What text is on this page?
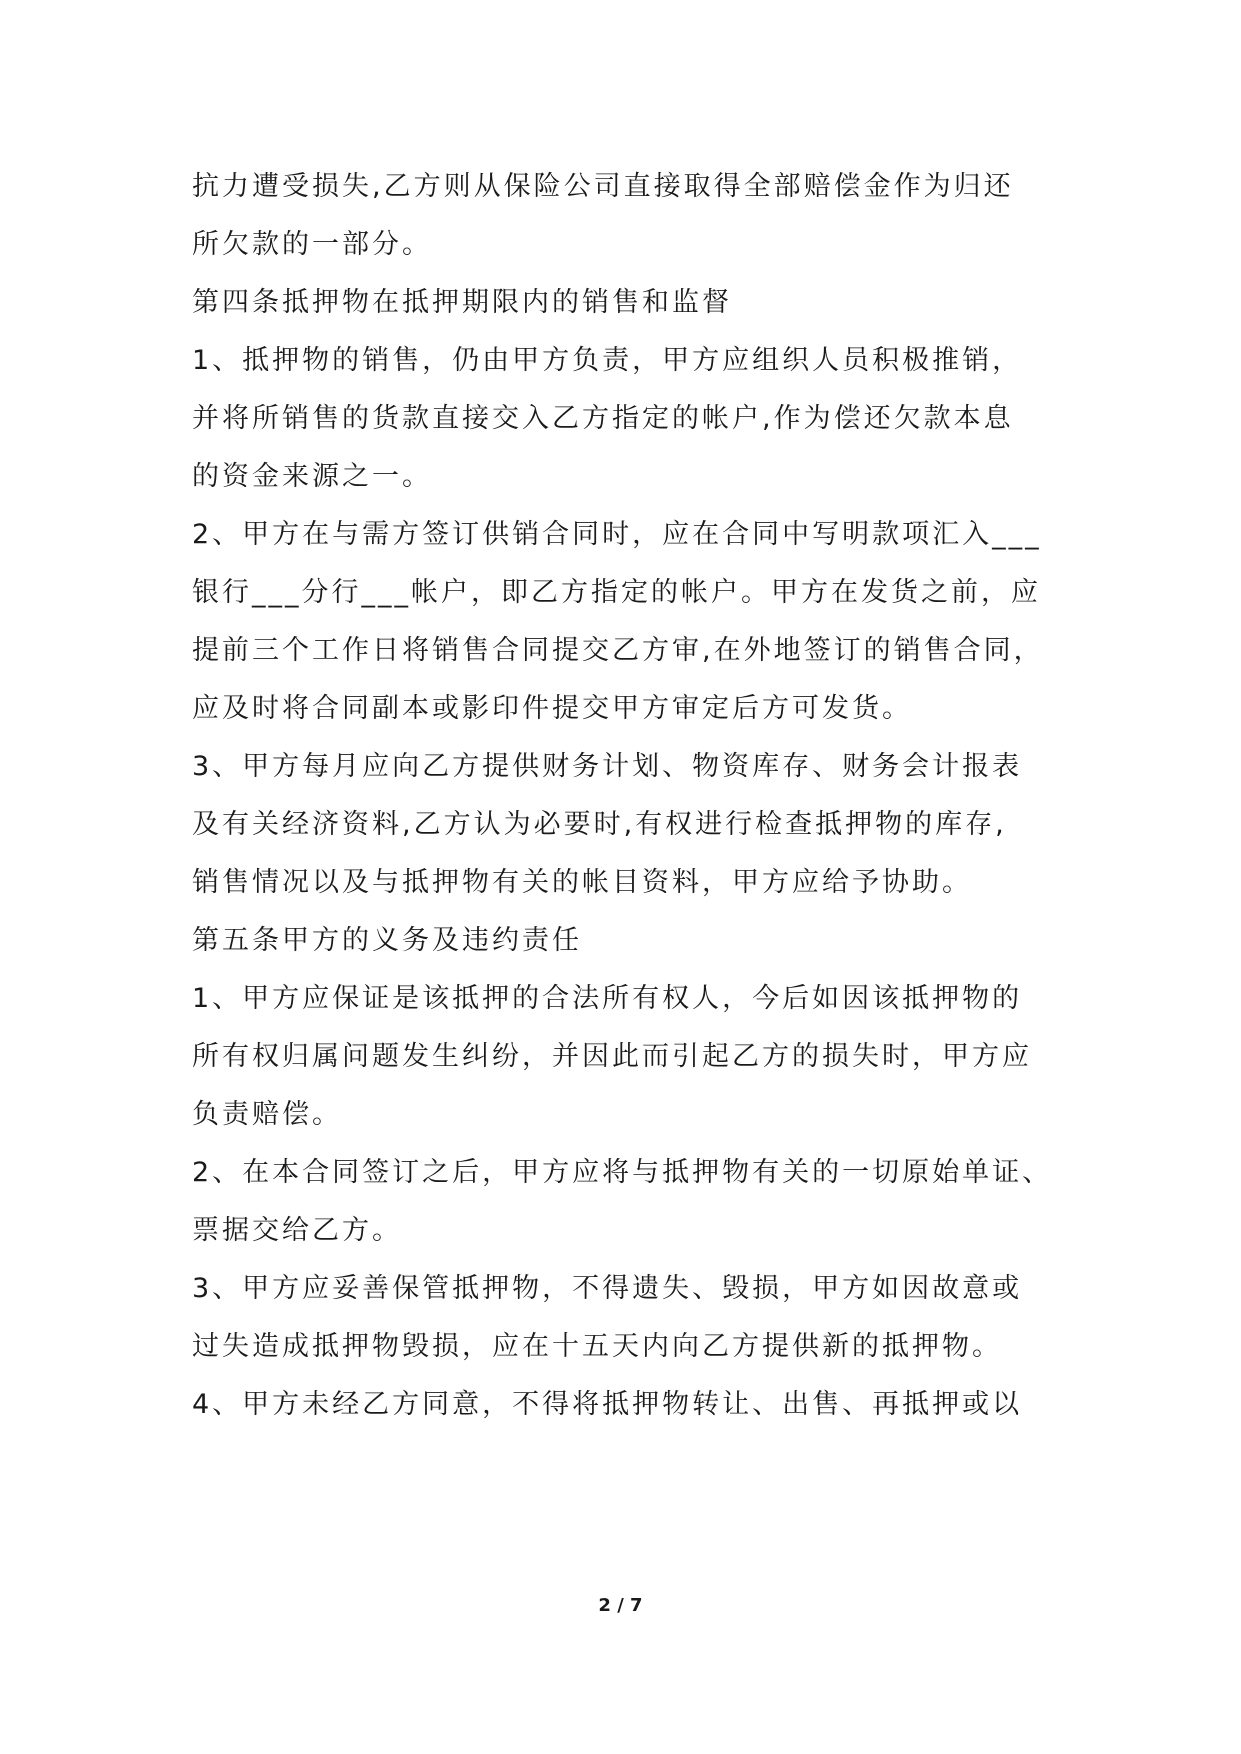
抗力遭受损失,乙方则从保险公司直接取得全部赔偿金作为归还
所欠款的一部分。
第四条抵押物在抵押期限内的销售和监督
1、抵押物的销售，仍由甲方负责，甲方应组织人员积极推销，
并将所销售的货款直接交入乙方指定的帐户,作为偿还欠款本息
的资金来源之一。
2、甲方在与需方签订供销合同时，应在合同中写明款项汇入___
银行___分行___帐户，即乙方指定的帐户。甲方在发货之前，应
提前三个工作日将销售合同提交乙方审,在外地签订的销售合同，
应及时将合同副本或影印件提交甲方审定后方可发货。
3、甲方每月应向乙方提供财务计划、物资库存、财务会计报表
及有关经济资料,乙方认为必要时,有权进行检查抵押物的库存,
销售情况以及与抵押物有关的帐目资料，甲方应给予协助。
第五条甲方的义务及违约责任
1、甲方应保证是该抵押的合法所有权人，今后如因该抵押物的
所有权归属问题发生纠纷，并因此而引起乙方的损失时，甲方应
负责赔偿。
2、在本合同签订之后，甲方应将与抵押物有关的一切原始单证、
票据交给乙方。
3、甲方应妥善保管抵押物，不得遗失、毁损，甲方如因故意或
过失造成抵押物毁损，应在十五天内向乙方提供新的抵押物。
4、甲方未经乙方同意，不得将抵押物转让、出售、再抵押或以
2 / 7
